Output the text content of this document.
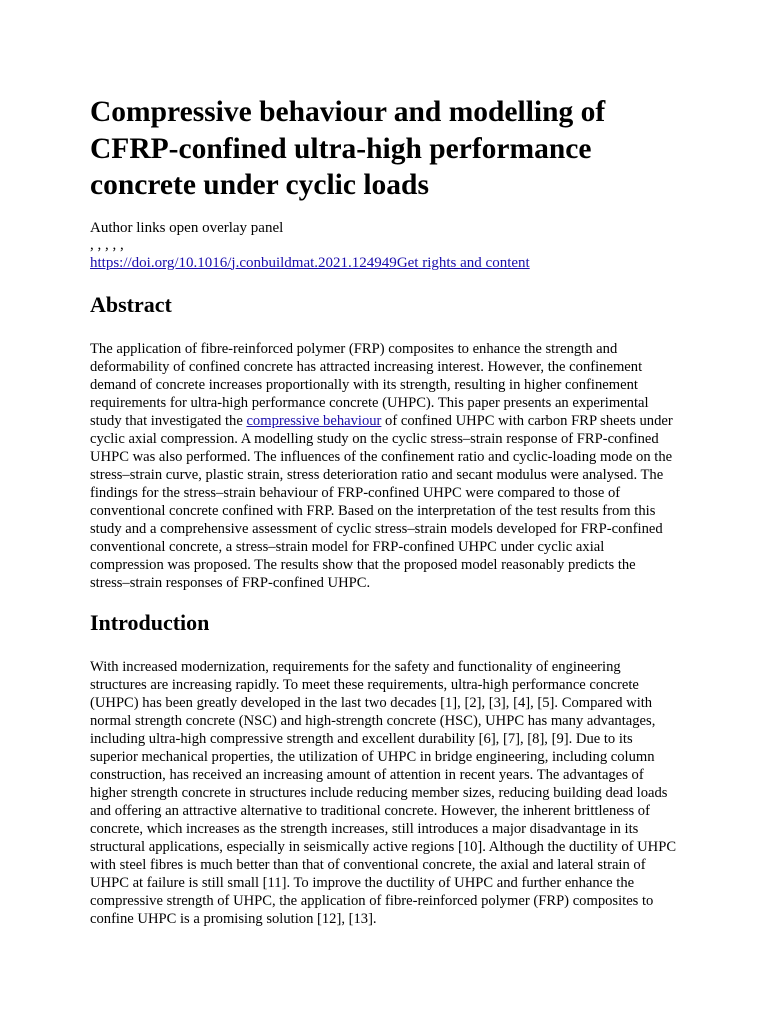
Compressive behaviour and modelling of CFRP-confined ultra-high performance concrete under cyclic loads
Author links open overlay panel
, , , , ,
https://doi.org/10.1016/j.conbuildmat.2021.124949Get rights and content
Abstract

The application of fibre-reinforced polymer (FRP) composites to enhance the strength and deformability of confined concrete has attracted increasing interest. However, the confinement demand of concrete increases proportionally with its strength, resulting in higher confinement requirements for ultra-high performance concrete (UHPC). This paper presents an experimental study that investigated the compressive behaviour of confined UHPC with carbon FRP sheets under cyclic axial compression. A modelling study on the cyclic stress–strain response of FRP-confined UHPC was also performed. The influences of the confinement ratio and cyclic-loading mode on the stress–strain curve, plastic strain, stress deterioration ratio and secant modulus were analysed. The findings for the stress–strain behaviour of FRP-confined UHPC were compared to those of conventional concrete confined with FRP. Based on the interpretation of the test results from this study and a comprehensive assessment of cyclic stress–strain models developed for FRP-confined conventional concrete, a stress–strain model for FRP-confined UHPC under cyclic axial compression was proposed. The results show that the proposed model reasonably predicts the stress–strain responses of FRP-confined UHPC.

Introduction

With increased modernization, requirements for the safety and functionality of engineering structures are increasing rapidly. To meet these requirements, ultra-high performance concrete (UHPC) has been greatly developed in the last two decades [1], [2], [3], [4], [5]. Compared with normal strength concrete (NSC) and high-strength concrete (HSC), UHPC has many advantages, including ultra-high compressive strength and excellent durability [6], [7], [8], [9]. Due to its superior mechanical properties, the utilization of UHPC in bridge engineering, including column construction, has received an increasing amount of attention in recent years. The advantages of higher strength concrete in structures include reducing member sizes, reducing building dead loads and offering an attractive alternative to traditional concrete. However, the inherent brittleness of concrete, which increases as the strength increases, still introduces a major disadvantage in its structural applications, especially in seismically active regions [10]. Although the ductility of UHPC with steel fibres is much better than that of conventional concrete, the axial and lateral strain of UHPC at failure is still small [11]. To improve the ductility of UHPC and further enhance the compressive strength of UHPC, the application of fibre-reinforced polymer (FRP) composites to confine UHPC is a promising solution [12], [13].
